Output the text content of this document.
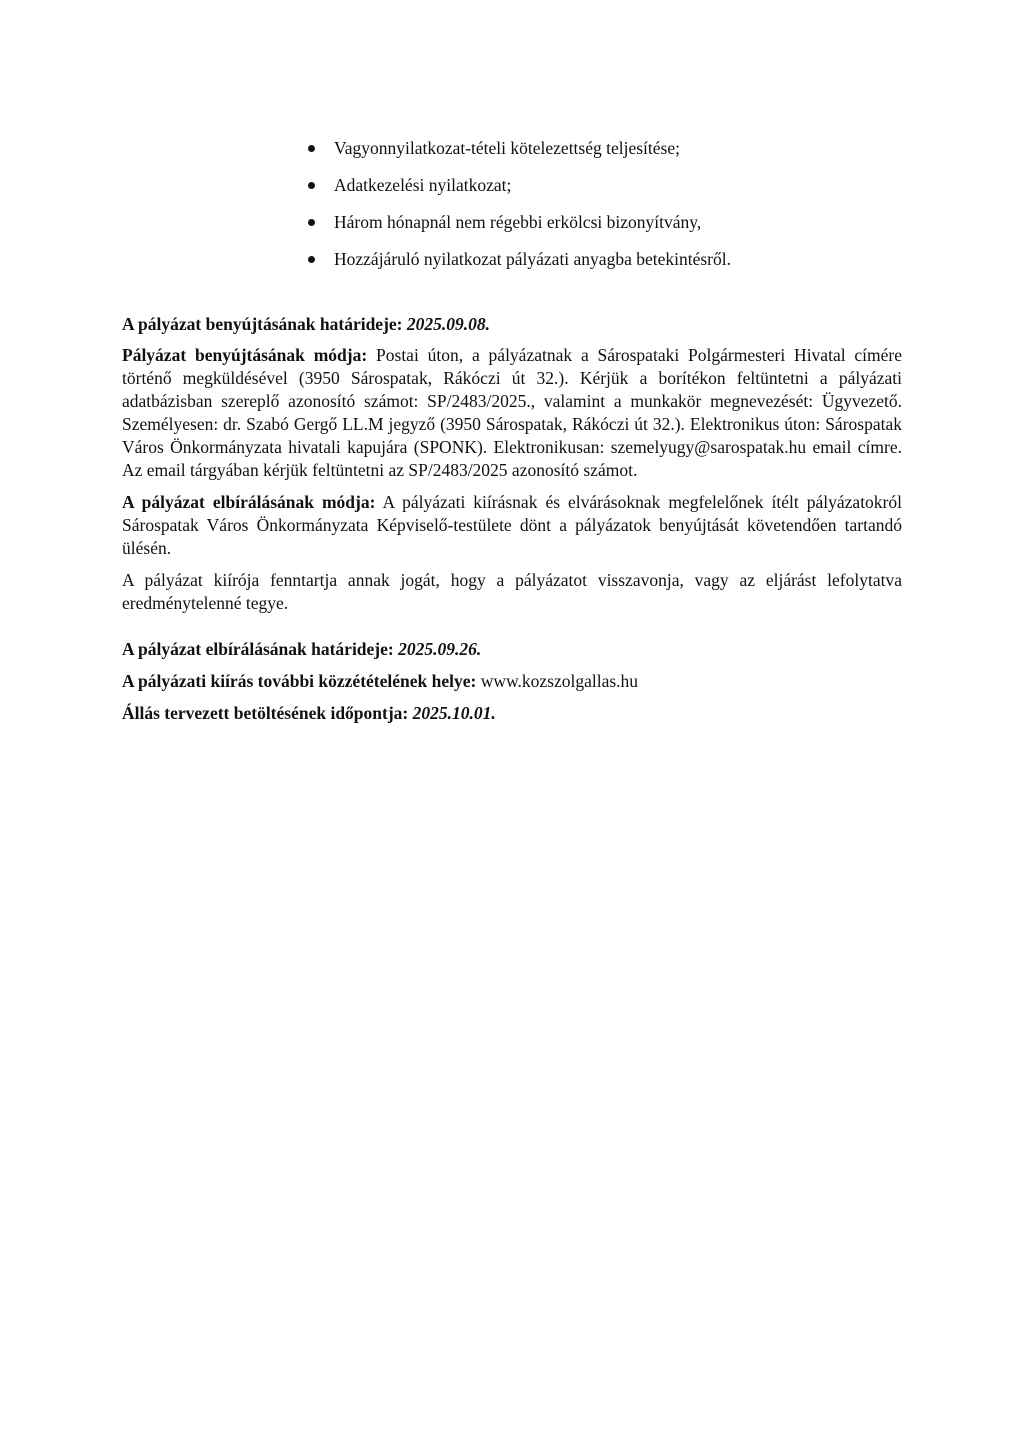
Vagyonnyilatkozat-tételi kötelezettség teljesítése;
Adatkezelési nyilatkozat;
Három hónapnál nem régebbi erkölcsi bizonyítvány,
Hozzájáruló nyilatkozat pályázati anyagba betekintésről.

A pályázat benyújtásának határideje: 2025.09.08.

Pályázat benyújtásának módja: Postai úton, a pályázatnak a Sárospataki Polgármesteri Hivatal címére történő megküldésével (3950 Sárospatak, Rákóczi út 32.). Kérjük a borítékon feltüntetni a pályázati adatbázisban szereplő azonosító számot: SP/2483/2025., valamint a munkakör megnevezését: Ügyvezető. Személyesen: dr. Szabó Gergő LL.M jegyző (3950 Sárospatak, Rákóczi út 32.). Elektronikus úton: Sárospatak Város Önkormányzata hivatali kapujára (SPONK). Elektronikusan: szemelyugy@sarospatak.hu email címre. Az email tárgyában kérjük feltüntetni az SP/2483/2025 azonosító számot.

A pályázat elbírálásának módja: A pályázati kiírásnak és elvárásoknak megfelelőnek ítélt pályázatokról Sárospatak Város Önkormányzata Képviselő-testülete dönt a pályázatok benyújtását követendően tartandó ülésén.

A pályázat kiírója fenntartja annak jogát, hogy a pályázatot visszavonja, vagy az eljárást lefolytatva eredménytelenné tegye.

A pályázat elbírálásának határideje: 2025.09.26.

A pályázati kiírás további közzétételének helye: www.kozszolgallas.hu

Állás tervezett betöltésének időpontja: 2025.10.01.
